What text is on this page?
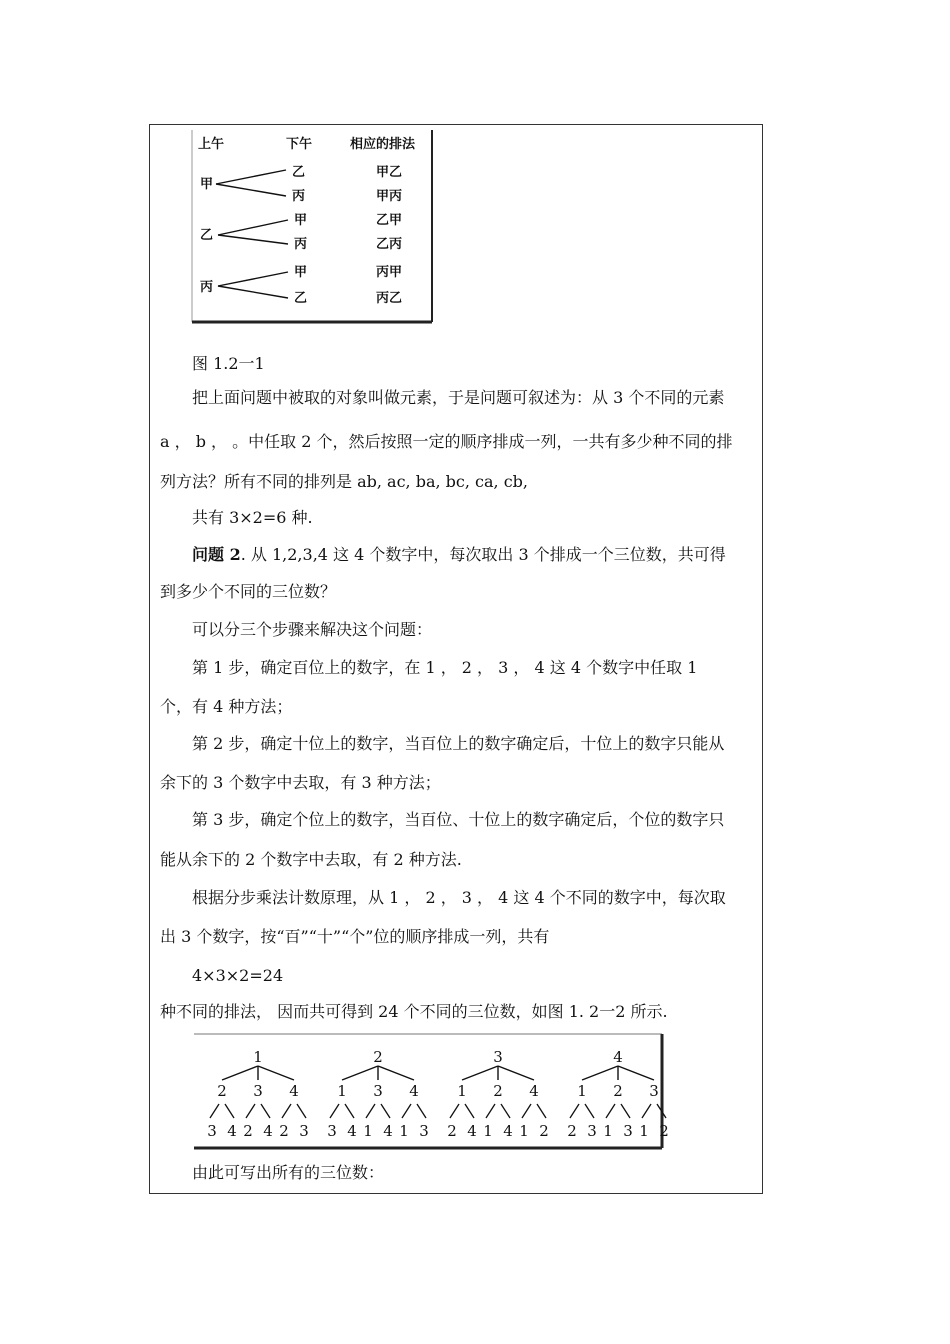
上午	下午	相应的排法
甲
乙
丙
甲乙
甲丙
乙
甲
丙
乙甲
乙丙
丙
甲
乙
丙甲
丙乙
图 1.2一1
把上面问题中被取的对象叫做元素，于是问题可叙述为：从 3 个不同的元素
a ， b ， 。中任取 2 个，然后按照一定的顺序排成一列，一共有多少种不同的排
列方法？所有不同的排列是 ab, ac, ba, bc, ca, cb,
共有 3×2=6 种.
问题 2. 从 1,2,3,4 这 4 个数字中，每次取出 3 个排成一个三位数，共可得
到多少个不同的三位数？
可以分三个步骤来解决这个问题：
第 1 步，确定百位上的数字，在 1 ， 2 ， 3 ， 4 这 4 个数字中任取 1
个，有 4 种方法；
第 2 步，确定十位上的数字，当百位上的数字确定后，十位上的数字只能从
余下的 3 个数字中去取，有 3 种方法；
第 3 步，确定个位上的数字，当百位、十位上的数字确定后，个位的数字只
能从余下的 2 个数字中去取，有 2 种方法.
根据分步乘法计数原理，从 1 ， 2 ， 3 ， 4 这 4 个不同的数字中，每次取
出 3 个数字，按“百”“十”“个”位的顺序排成一列，共有
4×3×2=24
种不同的排法， 因而共可得到 24 个不同的三位数，如图 1. 2一2 所示.
1
2
3 4
3
2 4
4
2 3
2
1
3 4
3
1 4
4
1 3
3
1
2 4
2
1 4
4
1 2
4
1
2 3
2
1 3
3
1 2
由此可写出所有的三位数：
